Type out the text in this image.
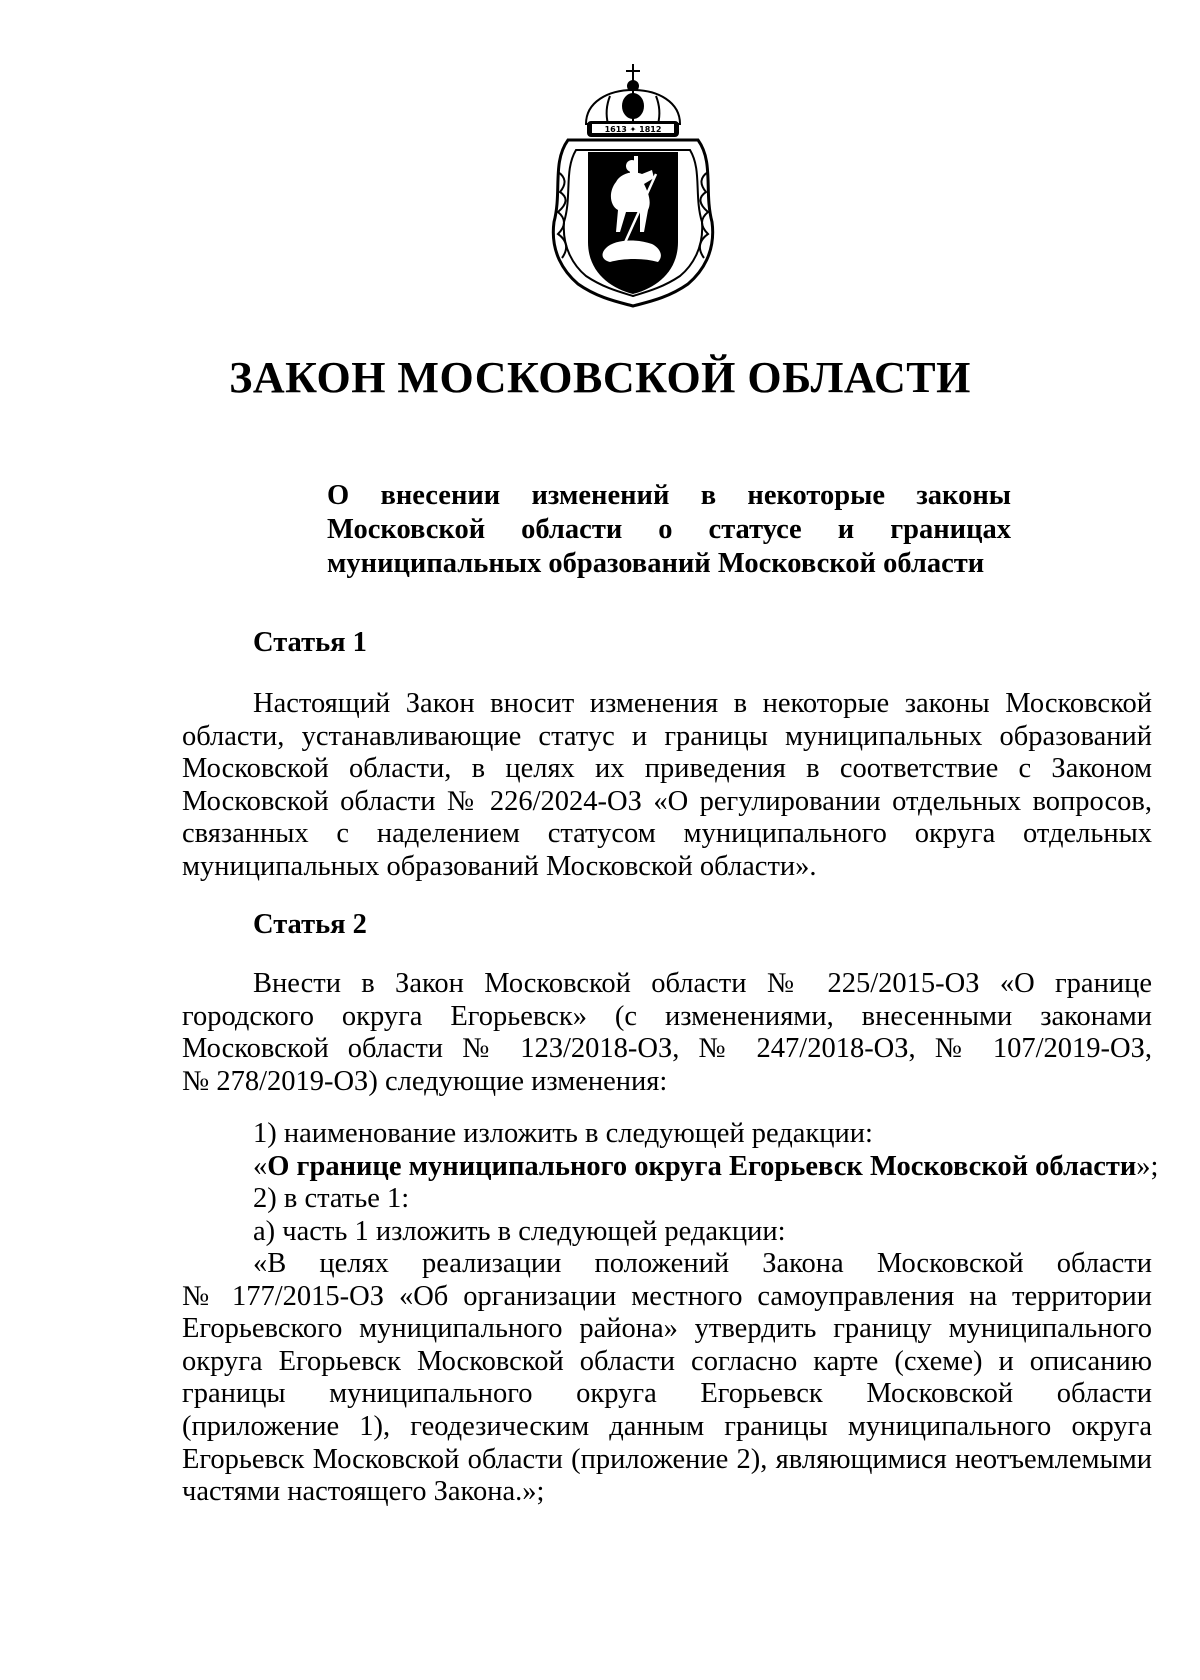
1613 ✦ 1812
ЗАКОН МОСКОВСКОЙ ОБЛАСТИ
О внесении изменений в некоторые законы
Московской области о статусе и границах
муниципальных образований Московской области
Статья 1
Настоящий Закон вносит изменения в некоторые законы Московской
области, устанавливающие статус и границы муниципальных образований
Московской области, в целях их приведения в соответствие с Законом
Московской области № 226/2024-ОЗ «О регулировании отдельных вопросов,
связанных с наделением статусом муниципального округа отдельных
муниципальных образований Московской области».
Статья 2
Внести в Закон Московской области № 225/2015-ОЗ «О границе
городского округа Егорьевск» (с изменениями, внесенными законами
Московской области № 123/2018-ОЗ, № 247/2018-ОЗ, № 107/2019-ОЗ,
№ 278/2019-ОЗ) следующие изменения:
1) наименование изложить в следующей редакции:
«О границе муниципального округа Егорьевск Московской области»;
2) в статье 1:
а) часть 1 изложить в следующей редакции:
«В целях реализации положений Закона Московской области
№ 177/2015-ОЗ «Об организации местного самоуправления на территории
Егорьевского муниципального района» утвердить границу муниципального
округа Егорьевск Московской области согласно карте (схеме) и описанию
границы муниципального округа Егорьевск Московской области
(приложение 1), геодезическим данным границы муниципального округа
Егорьевск Московской области (приложение 2), являющимися неотъемлемыми
частями настоящего Закона.»;
